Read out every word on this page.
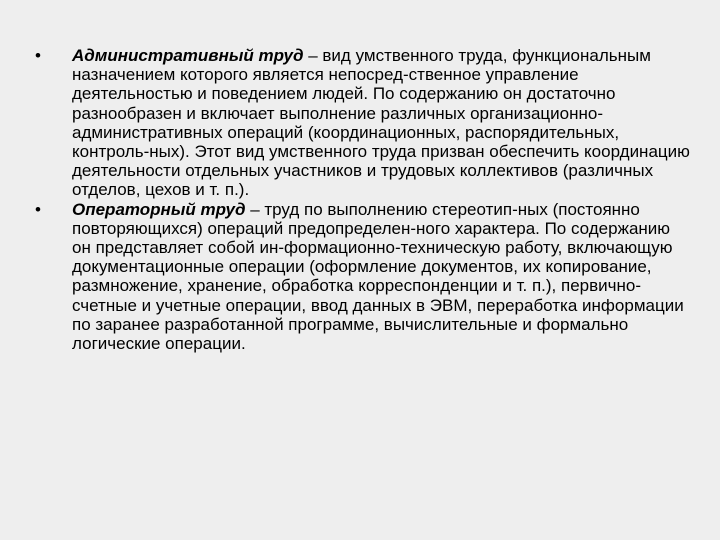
•	Административный труд – вид умственного труда, функциональным назначением которого является непосред-ственное управление деятельностью и поведением людей. По содержанию он достаточно разнообразен и включает выполнение различных организационно-административных операций (координационных, распорядительных, контроль-ных). Этот вид умственного труда призван обеспечить координацию деятельности отдельных участников и трудовых коллективов (различных отделов, цехов и т. п.).
•	Операторный труд – труд по выполнению стереотип-ных (постоянно повторяющихся) операций предопределен-ного характера. По содержанию он представляет собой ин-формационно-техническую работу, включающую документационные операции (оформление документов, их копирование, размножение, хранение, обработка корреспонденции и т. п.), первично-счетные и учетные операции, ввод данных в ЭВМ, переработка информации по заранее разработанной программе, вычислительные и формально логические операции.
